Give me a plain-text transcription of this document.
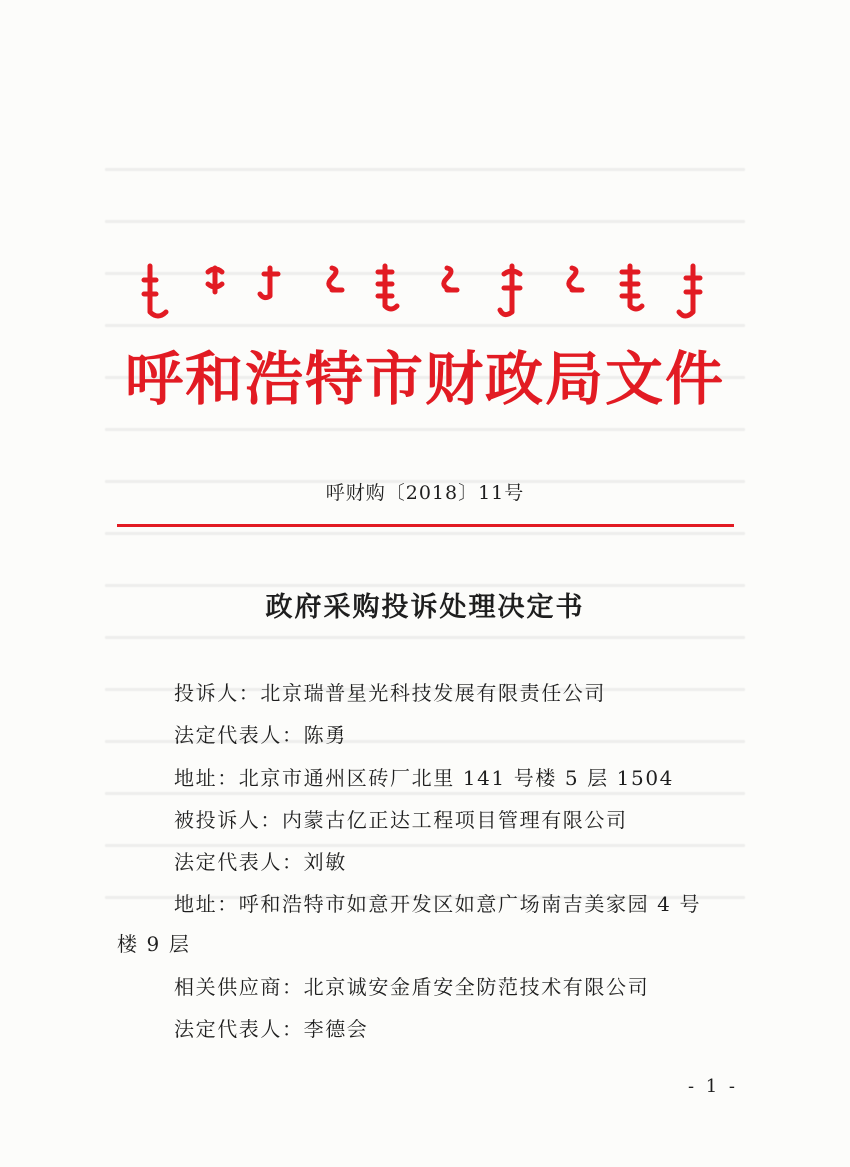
呼和浩特市财政局文件
呼财购〔2018〕11号
政府采购投诉处理决定书
投诉人：北京瑞普星光科技发展有限责任公司
法定代表人：陈勇
地址：北京市通州区砖厂北里 141 号楼 5 层 1504
被投诉人：内蒙古亿正达工程项目管理有限公司
法定代表人：刘敏
地址：呼和浩特市如意开发区如意广场南吉美家园 4 号
楼 9 层
相关供应商：北京诚安金盾安全防范技术有限公司
法定代表人：李德会
- 1 -
